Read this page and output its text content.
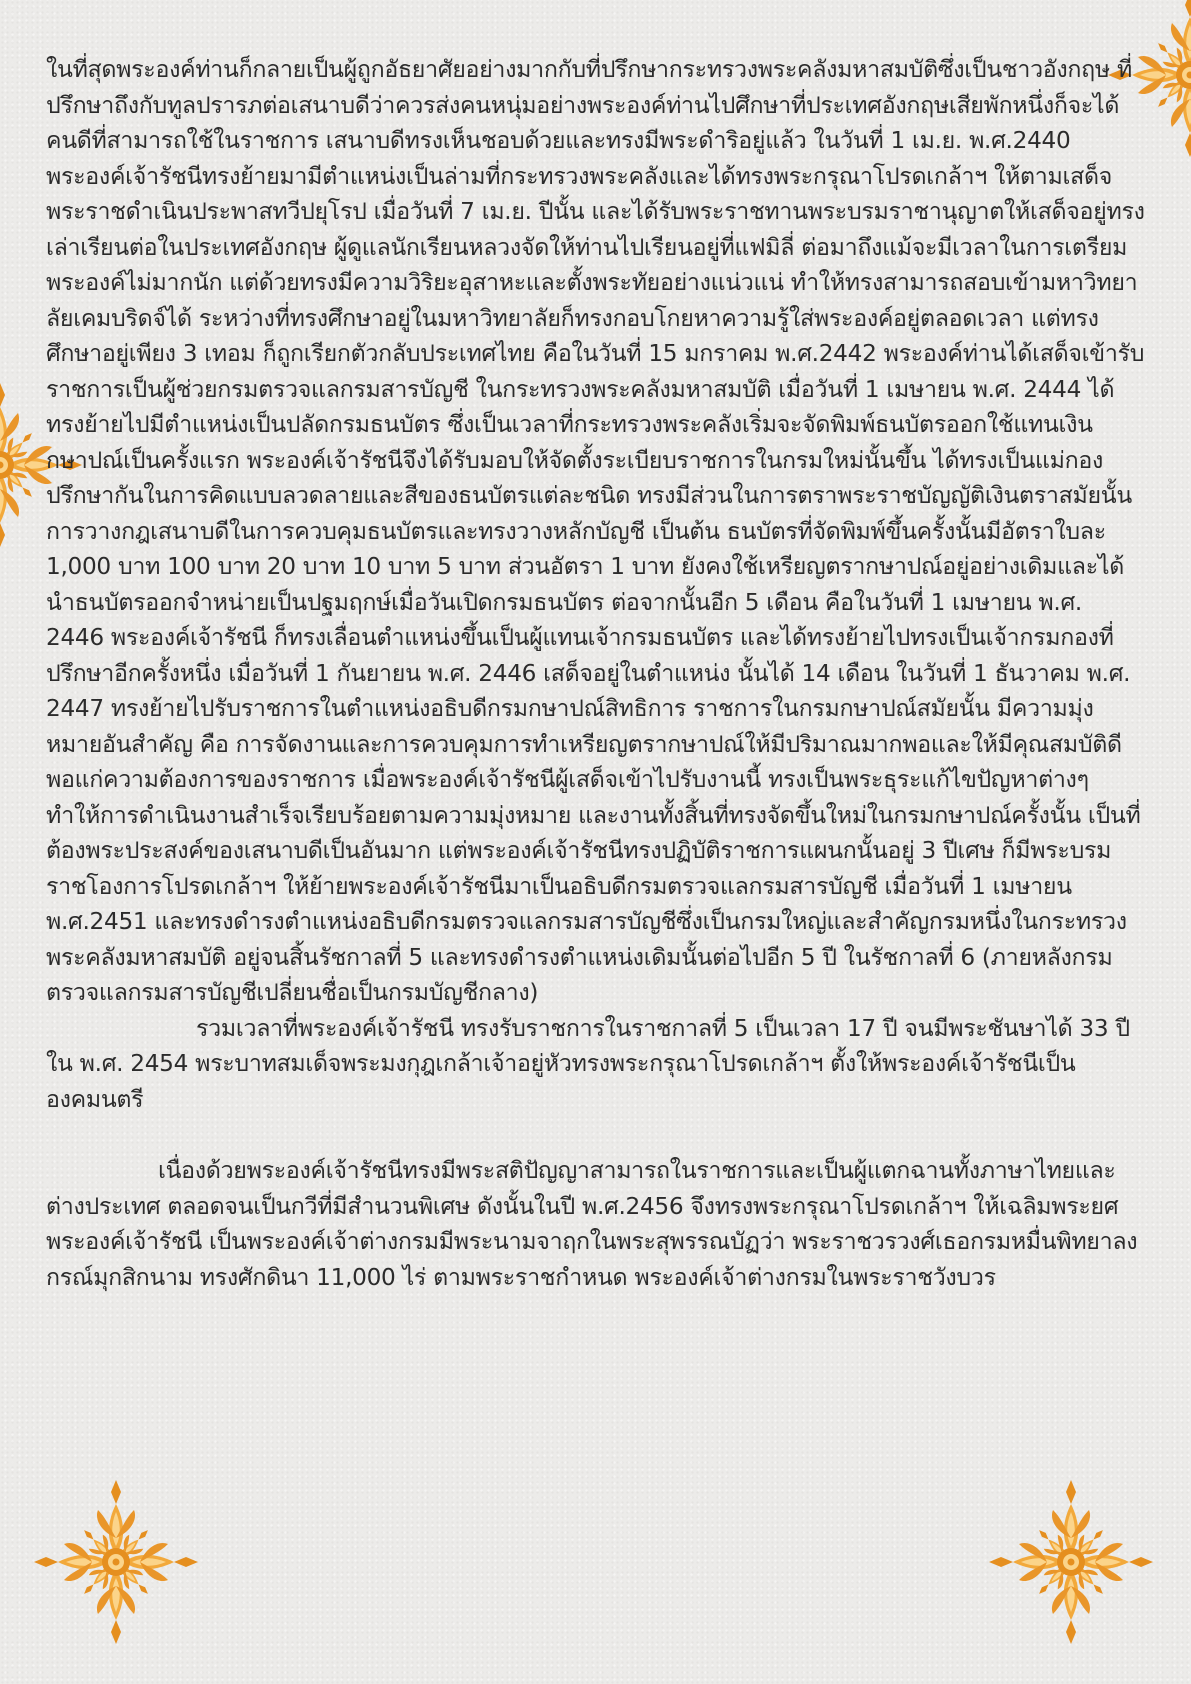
ในที่สุดพระองค์ท่านก็กลายเป็นผู้ถูกอัธยาศัยอย่างมากกับที่ปรึกษากระทรวงพระคลังมหาสมบัติซึ่งเป็นชาวอังกฤษ ที่ปรึกษาถึงกับทูลปรารภต่อเสนาบดีว่าควรส่งคนหนุ่มอย่างพระองค์ท่านไปศึกษาที่ประเทศอังกฤษเสียพักหนึ่งก็จะได้คนดีที่สามารถใช้ในราชการ เสนาบดีทรงเห็นชอบด้วยและทรงมีพระดำริอยู่แล้ว ในวันที่ 1 เม.ย. พ.ศ.2440 พระองค์เจ้ารัชนีทรงย้ายมามีตำแหน่งเป็นล่ามที่กระทรวงพระคลังและได้ทรงพระกรุณาโปรดเกล้าฯ ให้ตามเสด็จพระราชดำเนินประพาสทวีปยุโรป เมื่อวันที่ 7 เม.ย. ปีนั้น และได้รับพระราชทานพระบรมราชานุญาตให้เสด็จอยู่ทรงเล่าเรียนต่อในประเทศอังกฤษ ผู้ดูแลนักเรียนหลวงจัดให้ท่านไปเรียนอยู่ที่แฟมิลี่ ต่อมาถึงแม้จะมีเวลาในการเตรียมพระองค์ไม่มากนัก แต่ด้วยทรงมีความวิริยะอุสาหะและตั้งพระทัยอย่างแน่วแน่ ทำให้ทรงสามารถสอบเข้ามหาวิทยาลัยเคมบริดจ์ได้ ระหว่างที่ทรงศึกษาอยู่ในมหาวิทยาลัยก็ทรงกอบโกยหาความรู้ใส่พระองค์อยู่ตลอดเวลา แต่ทรงศึกษาอยู่เพียง 3 เทอม ก็ถูกเรียกตัวกลับประเทศไทย คือในวันที่ 15 มกราคม พ.ศ.2442 พระองค์ท่านได้เสด็จเข้ารับราชการเป็นผู้ช่วยกรมตรวจแลกรมสารบัญชี ในกระทรวงพระคลังมหาสมบัติ เมื่อวันที่ 1 เมษายน พ.ศ. 2444 ได้ทรงย้ายไปมีตำแหน่งเป็นปลัดกรมธนบัตร ซึ่งเป็นเวลาที่กระทรวงพระคลังเริ่มจะจัดพิมพ์ธนบัตรออกใช้แทนเงินกษาปณ์เป็นครั้งแรก พระองค์เจ้ารัชนีจึงได้รับมอบให้จัดตั้งระเบียบราชการในกรมใหม่นั้นขึ้น ได้ทรงเป็นแม่กองปรึกษากันในการคิดแบบลวดลายและสีของธนบัตรแต่ละชนิด ทรงมีส่วนในการตราพระราชบัญญัติเงินตราสมัยนั้นการวางกฎเสนาบดีในการควบคุมธนบัตรและทรงวางหลักบัญชี เป็นต้น ธนบัตรที่จัดพิมพ์ขึ้นครั้งนั้นมีอัตราใบละ 1,000 บาท 100 บาท 20 บาท 10 บาท 5 บาท ส่วนอัตรา 1 บาท ยังคงใช้เหรียญตรากษาปณ์อยู่อย่างเดิมและได้นำธนบัตรออกจำหน่ายเป็นปฐมฤกษ์เมื่อวันเปิดกรมธนบัตร ต่อจากนั้นอีก 5 เดือน คือในวันที่ 1 เมษายน พ.ศ. 2446 พระองค์เจ้ารัชนี ก็ทรงเลื่อนตำแหน่งขึ้นเป็นผู้แทนเจ้ากรมธนบัตร และได้ทรงย้ายไปทรงเป็นเจ้ากรมกองที่ปรึกษาอีกครั้งหนึ่ง เมื่อวันที่ 1 กันยายน พ.ศ. 2446 เสด็จอยู่ในตำแหน่ง นั้นได้ 14 เดือน ในวันที่ 1 ธันวาคม พ.ศ. 2447 ทรงย้ายไปรับราชการในตำแหน่งอธิบดีกรมกษาปณ์สิทธิการ ราชการในกรมกษาปณ์สมัยนั้น มีความมุ่งหมายอันสำคัญ คือ การจัดงานและการควบคุมการทำเหรียญตรากษาปณ์ให้มีปริมาณมากพอและให้มีคุณสมบัติดีพอแก่ความต้องการของราชการ เมื่อพระองค์เจ้ารัชนีผู้เสด็จเข้าไปรับงานนี้ ทรงเป็นพระธุระแก้ไขปัญหาต่างๆ ทำให้การดำเนินงานสำเร็จเรียบร้อยตามความมุ่งหมาย และงานทั้งสิ้นที่ทรงจัดขึ้นใหม่ในกรมกษาปณ์ครั้งนั้น เป็นที่ต้องพระประสงค์ของเสนาบดีเป็นอันมาก แต่พระองค์เจ้ารัชนีทรงปฏิบัติราชการแผนกนั้นอยู่ 3 ปีเศษ ก็มีพระบรมราชโองการโปรดเกล้าฯ ให้ย้ายพระองค์เจ้ารัชนีมาเป็นอธิบดีกรมตรวจแลกรมสารบัญชี เมื่อวันที่ 1 เมษายน พ.ศ.2451 และทรงดำรงตำแหน่งอธิบดีกรมตรวจแลกรมสารบัญชีซึ่งเป็นกรมใหญ่และสำคัญกรมหนึ่งในกระทรวงพระคลังมหาสมบัติ อยู่จนสิ้นรัชกาลที่ 5 และทรงดำรงตำแหน่งเดิมนั้นต่อไปอีก 5 ปี ในรัชกาลที่ 6 (ภายหลังกรมตรวจแลกรมสารบัญชีเปลี่ยนชื่อเป็นกรมบัญชีกลาง)

รวมเวลาที่พระองค์เจ้ารัชนี ทรงรับราชการในราชกาลที่ 5 เป็นเวลา 17 ปี จนมีพระชันษาได้ 33 ปี ใน พ.ศ. 2454 พระบาทสมเด็จพระมงกุฎเกล้าเจ้าอยู่หัวทรงพระกรุณาโปรดเกล้าฯ ตั้งให้พระองค์เจ้ารัชนีเป็นองคมนตรี

เนื่องด้วยพระองค์เจ้ารัชนีทรงมีพระสติปัญญาสามารถในราชการและเป็นผู้แตกฉานทั้งภาษาไทยและต่างประเทศ ตลอดจนเป็นกวีที่มีสำนวนพิเศษ ดังนั้นในปี พ.ศ.2456 จึงทรงพระกรุณาโปรดเกล้าฯ ให้เฉลิมพระยศพระองค์เจ้ารัชนี เป็นพระองค์เจ้าต่างกรมมีพระนามจาฤกในพระสุพรรณบัฏว่า พระราชวรวงศ์เธอกรมหมื่นพิทยาลงกรณ์มุกสิกนาม ทรงศักดินา 11,000 ไร่ ตามพระราชกำหนด พระองค์เจ้าต่างกรมในพระราชวังบวร
